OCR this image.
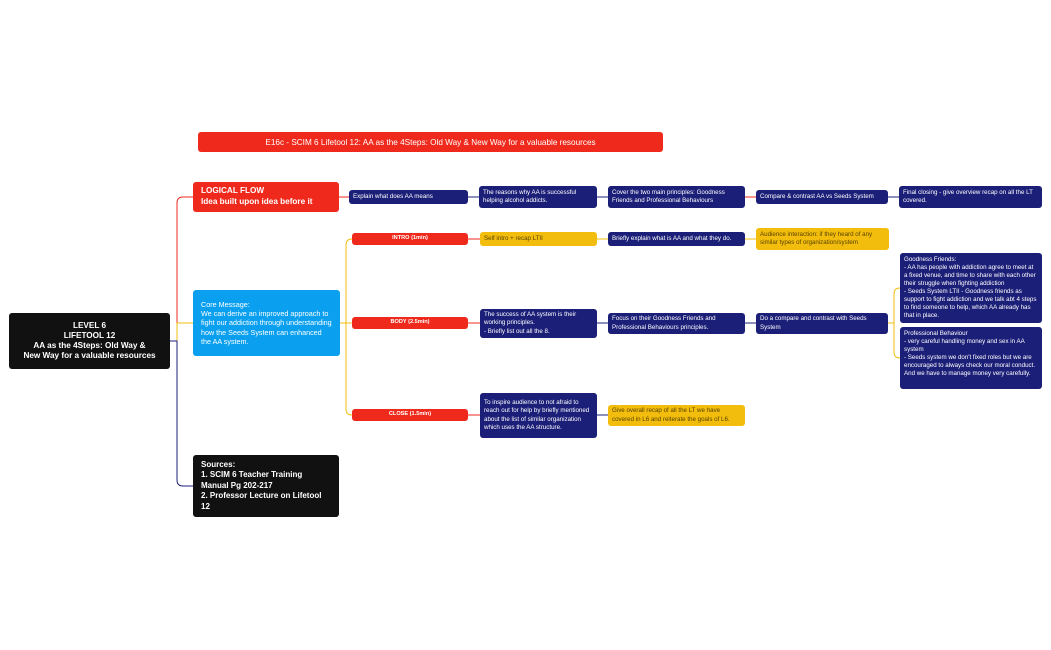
E16c - SCIM 6 Lifetool 12: AA as the 4Steps: Old Way & New Way for a valuable resources
LEVEL 6
LIFETOOL 12
AA as the 4Steps: Old Way &
New Way for a valuable resources
LOGICAL FLOW
Idea built upon idea before it
Explain what does AA means
The reasons why AA is successful helping alcohol addicts.
Cover the two main principles: Goodness Friends and Professional Behaviours
Compare & contrast AA vs Seeds System
Final closing - give overview recap on all the LT covered.
Core Message:
We can derive an improved approach to fight our addiction through understanding how the Seeds System can enhanced the AA system.
INTRO (1min)	Self intro + recap LTII	Briefly explain what is AA and what they do.
Audience interaction: if they heard of any similar types of organization/system
BODY (2.5min)
The success of AA system is their working principles.
- Briefly list out all the 8.
Focus on their Goodness Friends and Professional Behaviours principles.
Do a compare and contrast with Seeds System
Goodness Friends:
- AA has people with addiction agree to meet at a fixed venue, and time to share with each other their struggle when fighting addiction
- Seeds System LTII - Goodness friends as support to fight addiction and we talk abt 4 steps to find someone to help, which AA already has that in place.
Professional Behaviour
- very careful handling money and sex in AA system
- Seeds system we don't fixed roles but we are encouraged to always check our moral conduct. And we have to manage money very carefully.
CLOSE (1.5min)
To inspire audience to not afraid to reach out for help by briefly mentioned about the list of similar organization which uses the AA structure.
Give overall recap of all the LT we have covered in L6 and reiterate the goals of L6.
Sources:
1. SCIM 6 Teacher Training Manual Pg 202-217
2. Professor Lecture on Lifetool 12
